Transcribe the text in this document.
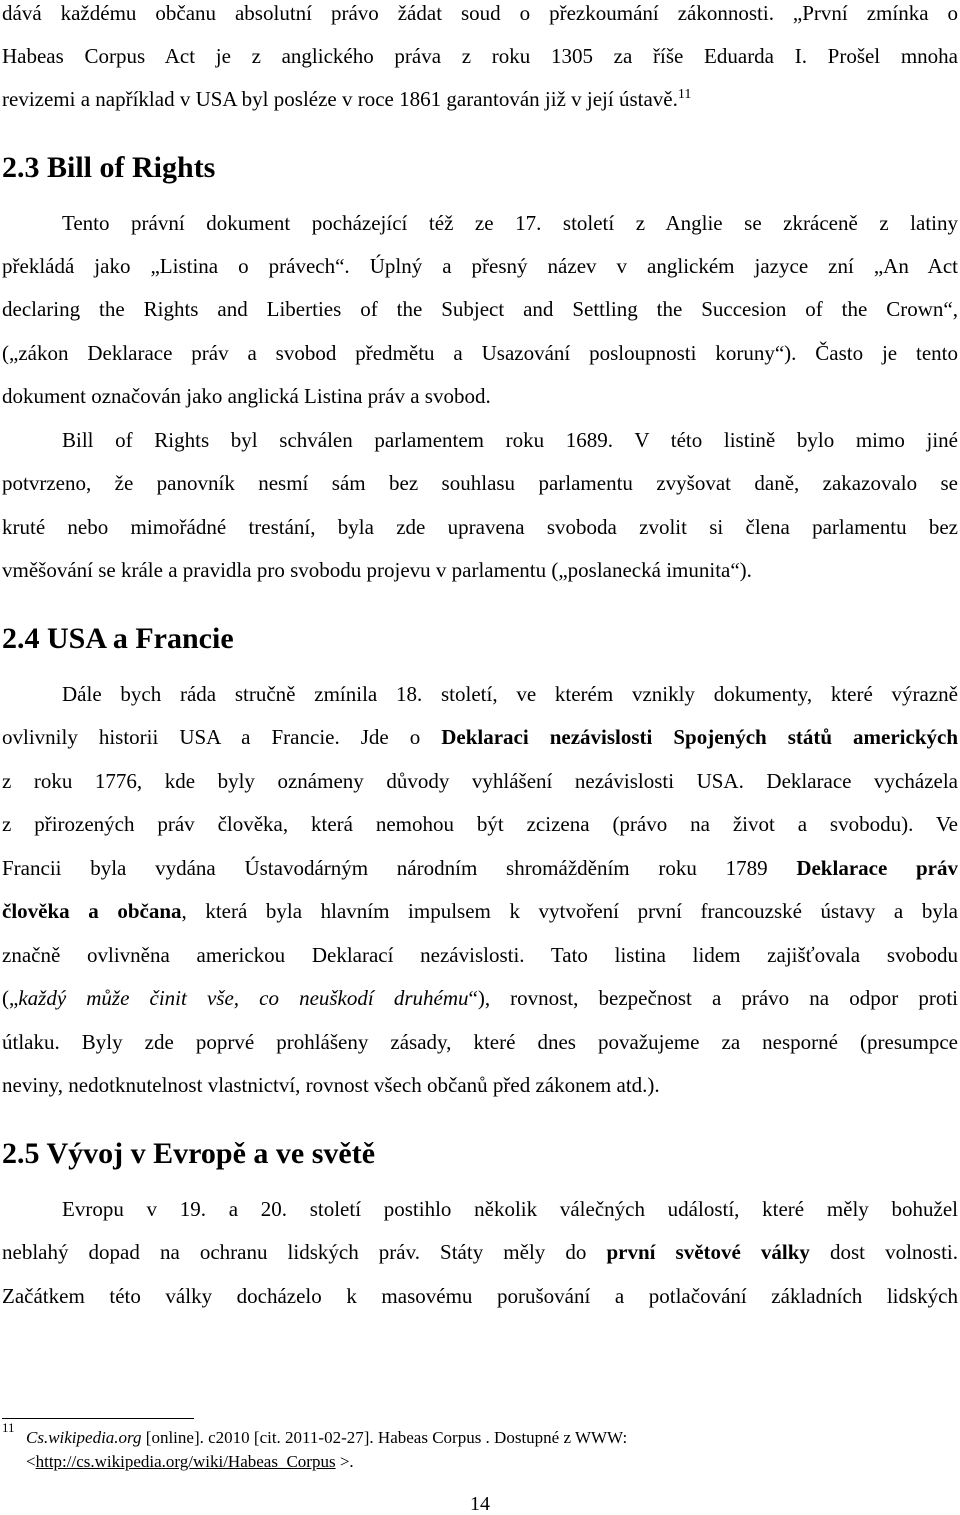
dává každému občanu absolutní právo žádat soud o přezkoumání zákonnosti. „První zmínka o
Habeas Corpus Act je z anglického práva z roku 1305 za říše Eduarda I. Prošel mnoha
revizemi a například v USA byl posléze v roce 1861 garantován již v její ústavě.$^{11}$
2.3 Bill of Rights
Tento právní dokument pocházející též ze 17. století z Anglie se zkráceně z latiny
překládá jako „Listina o právech“. Úplný a přesný název v anglickém jazyce zní „An Act
declaring the Rights and Liberties of the Subject and Settling the Succesion of the Crown“,
(„zákon Deklarace práv a svobod předmětu a Usazování posloupnosti koruny“). Často je tento
dokument označován jako anglická Listina práv a svobod.
Bill of Rights byl schválen parlamentem roku 1689. V této listině bylo mimo jiné
potvrzeno, že panovník nesmí sám bez souhlasu parlamentu zvyšovat daně, zakazovalo se
kruté nebo mimořádné trestání, byla zde upravena svoboda zvolit si člena parlamentu bez
vměšování se krále a pravidla pro svobodu projevu v parlamentu („poslanecká imunita“).
2.4 USA a Francie
Dále bych ráda stručně zmínila 18. století, ve kterém vznikly dokumenty, které výrazně
ovlivnily historii USA a Francie. Jde o Deklaraci nezávislosti Spojených států amerických
z roku 1776, kde byly oznámeny důvody vyhlášení nezávislosti USA. Deklarace vycházela
z přirozených práv člověka, která nemohou být zcizena (právo na život a svobodu). Ve
Francii byla vydána Ústavodárným národním shromážděním roku 1789 Deklarace práv
člověka a občana, která byla hlavním impulsem k vytvoření první francouzské ústavy a byla
značně ovlivněna americkou Deklarací nezávislosti. Tato listina lidem zajišťovala svobodu
(„každý může činit vše, co neuškodí druhému“), rovnost, bezpečnost a právo na odpor proti
útlaku. Byly zde poprvé prohlášeny zásady, které dnes považujeme za nesporné (presumpce
neviny, nedotknutelnost vlastnictví, rovnost všech občanů před zákonem atd.).
2.5 Vývoj v Evropě a ve světě
Evropu v 19. a 20. století postihlo několik válečných událostí, které měly bohužel
neblahý dopad na ochranu lidských práv. Státy měly do první světové války dost volnosti.
Začátkem této války docházelo k masovému porušování a potlačování základních lidských
11
Cs.wikipedia.org [online]. c2010 [cit. 2011-02-27]. Habeas Corpus . Dostupné z WWW:
<http://cs.wikipedia.org/wiki/Habeas_Corpus >.
14
